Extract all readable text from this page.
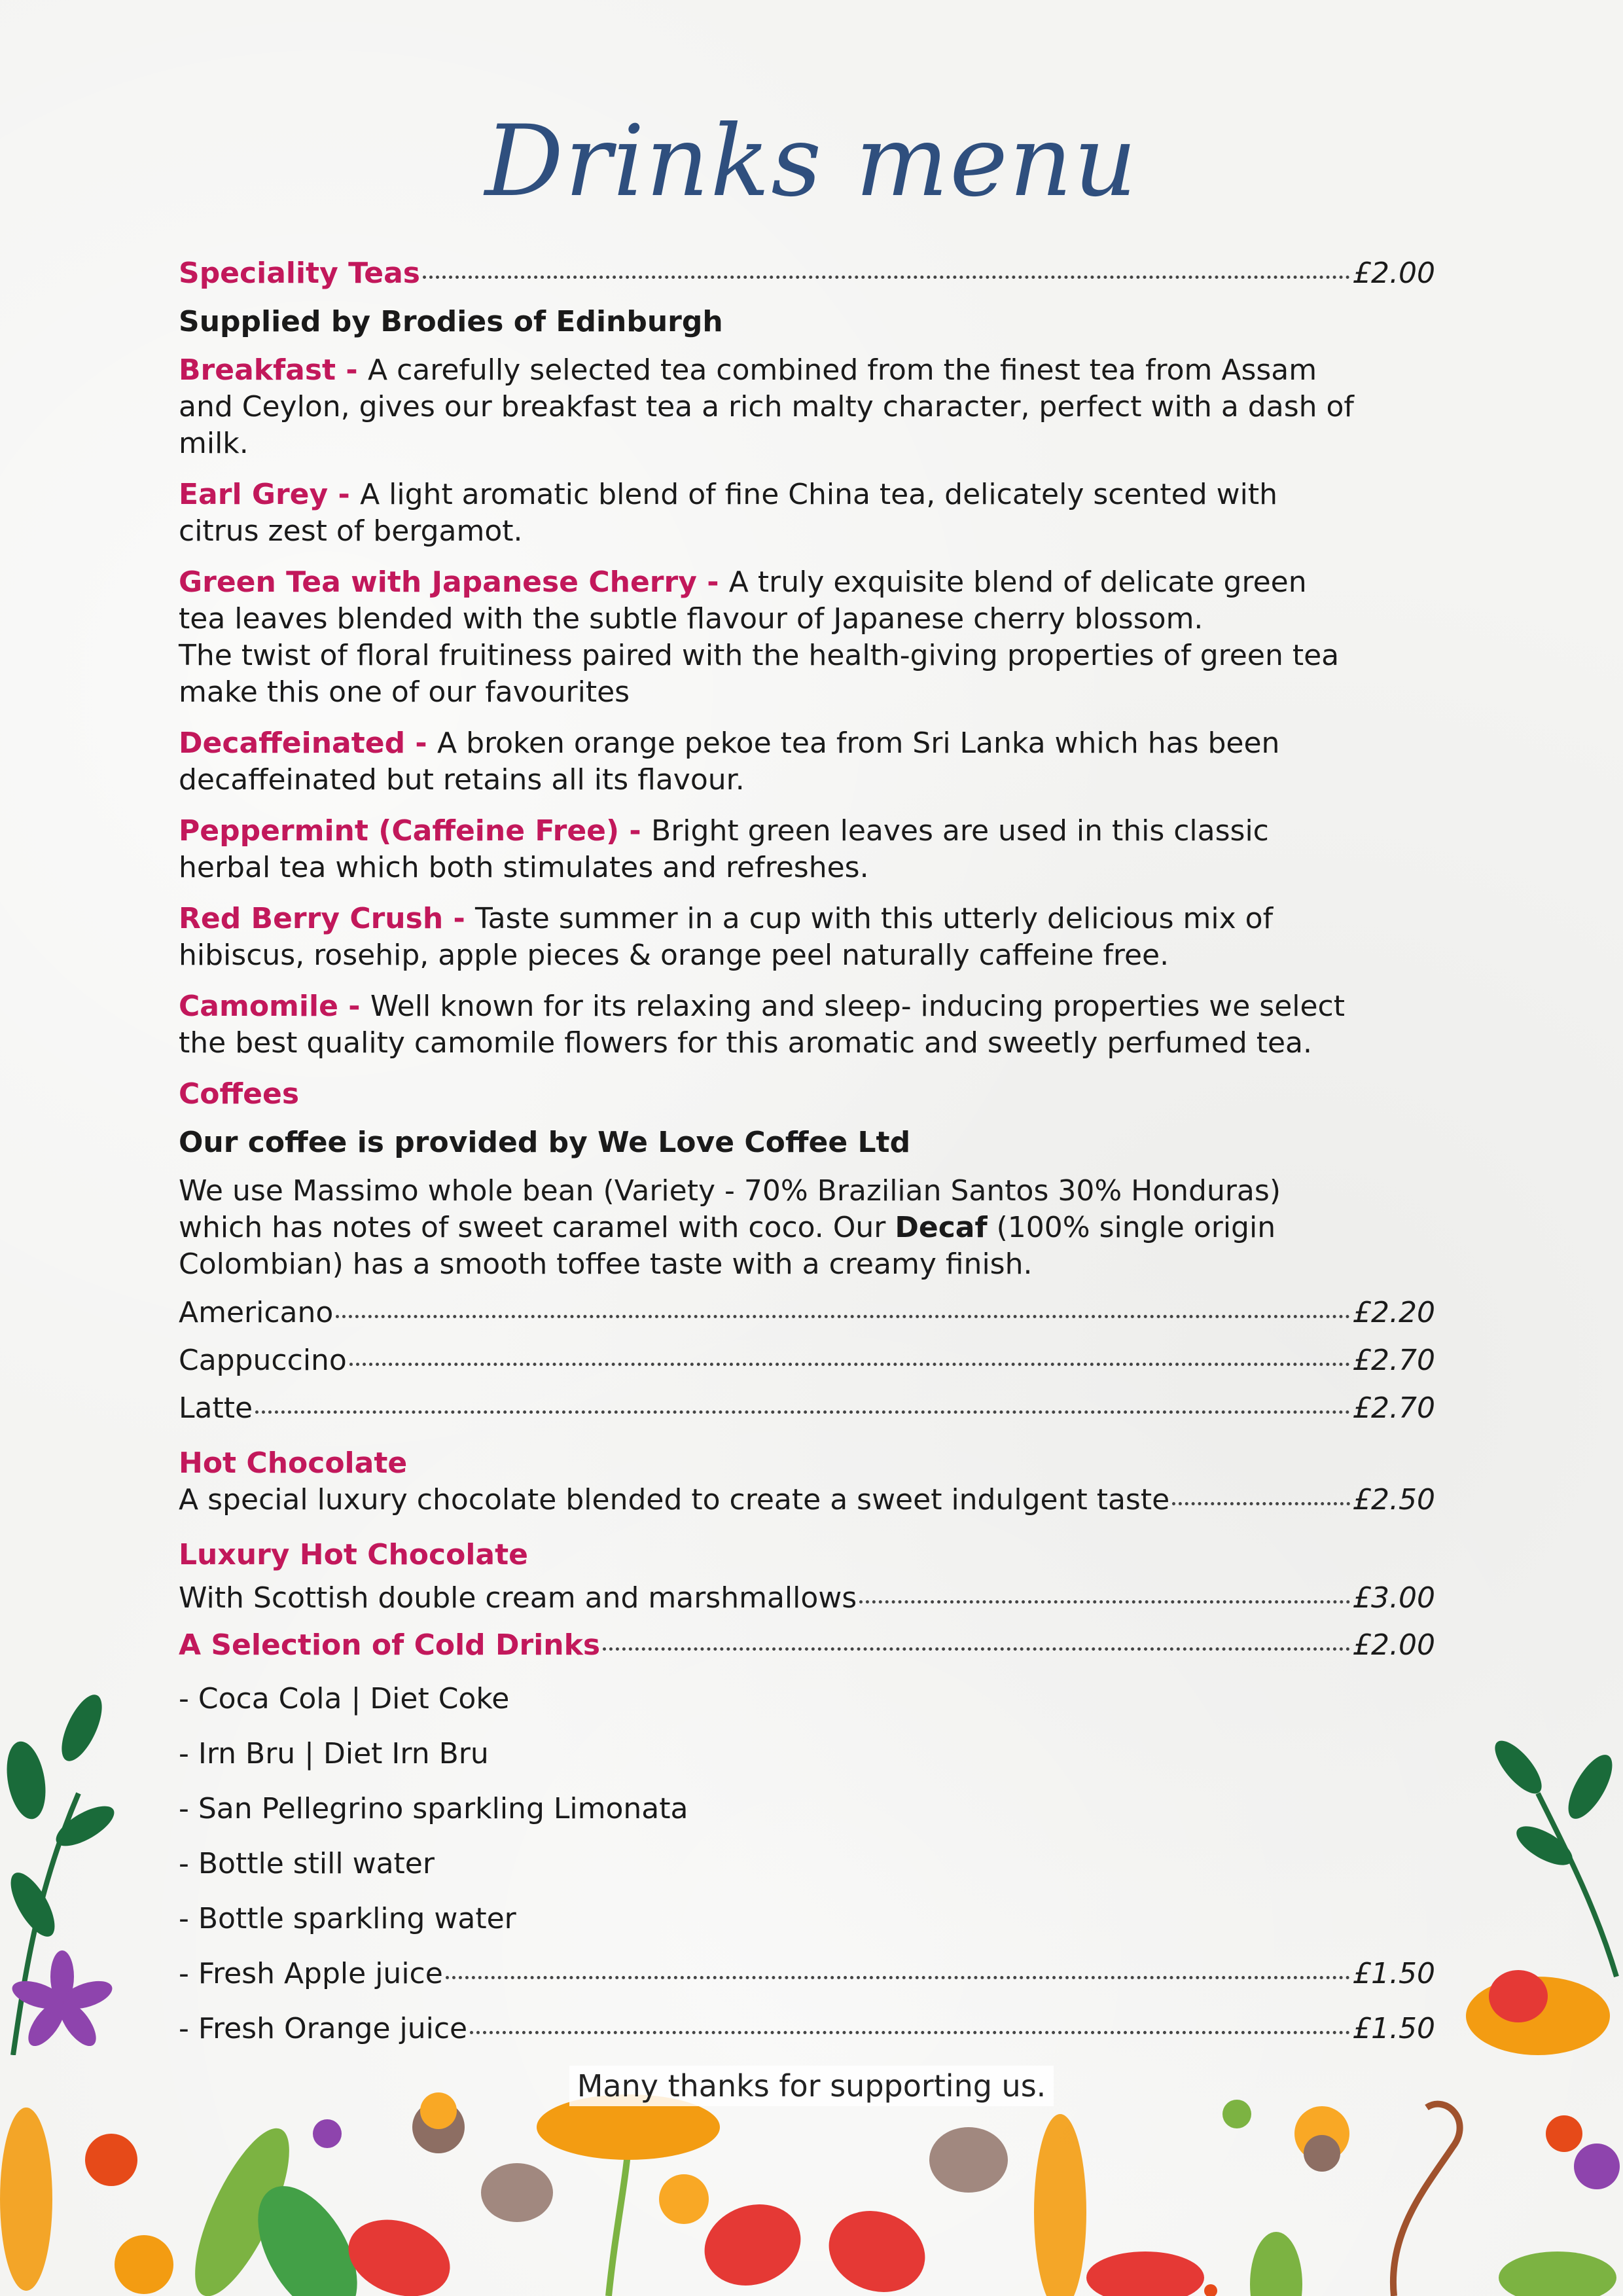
Drinks menu
Speciality Teas	£2.00
Supplied by Brodies of Edinburgh

Breakfast - A carefully selected tea combined from the finest tea from Assam and Ceylon, gives our breakfast tea a rich malty character, perfect with a dash of milk.

Earl Grey - A light aromatic blend of fine China tea, delicately scented with citrus zest of bergamot.

Green Tea with Japanese Cherry - A truly exquisite blend of delicate green tea leaves blended with the subtle flavour of Japanese cherry blossom.
The twist of floral fruitiness paired with the health-giving properties of green tea make this one of our favourites

Decaffeinated - A broken orange pekoe tea from Sri Lanka which has been decaffeinated but retains all its flavour.

Peppermint (Caffeine Free) - Bright green leaves are used in this classic herbal tea which both stimulates and refreshes.

Red Berry Crush - Taste summer in a cup with this utterly delicious mix of hibiscus, rosehip, apple pieces & orange peel naturally caffeine free.

Camomile - Well known for its relaxing and sleep- inducing properties we select the best quality camomile flowers for this aromatic and sweetly perfumed tea.

Coffees
Our coffee is provided by We Love Coffee Ltd

We use Massimo whole bean (Variety - 70% Brazilian Santos 30% Honduras) which has notes of sweet caramel with coco. Our Decaf (100% single origin Colombian) has a smooth toffee taste with a creamy finish.

Americano	£2.20
Cappuccino	£2.70
Latte	£2.70
Hot Chocolate
A special luxury chocolate blended to create a sweet indulgent taste	£2.50
Luxury Hot Chocolate
With Scottish double cream and marshmallows	£3.00
A Selection of Cold Drinks	£2.00
- Coca Cola | Diet Coke
- Irn Bru | Diet Irn Bru
- San Pellegrino sparkling Limonata
- Bottle still water
- Bottle sparkling water
- Fresh Apple juice	£1.50
- Fresh Orange juice	£1.50
Many thanks for supporting us.
